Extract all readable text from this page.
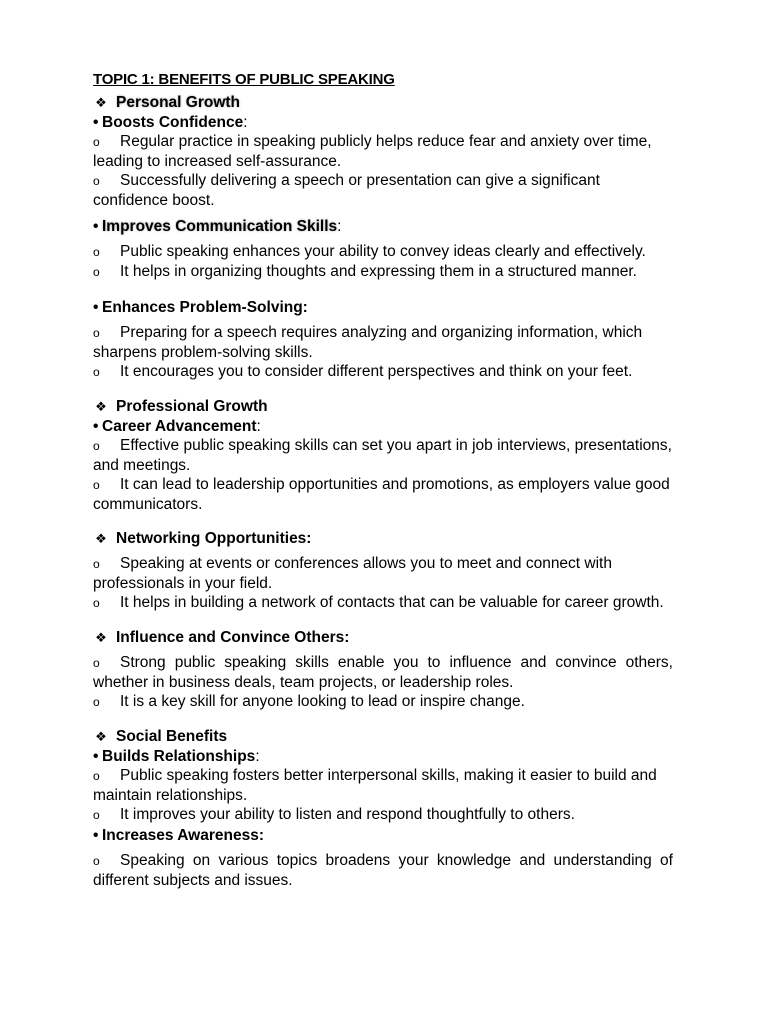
TOPIC 1: BENEFITS OF PUBLIC SPEAKING
❖ Personal Growth
• Boosts Confidence:
o Regular practice in speaking publicly helps reduce fear and anxiety over time, leading to increased self-assurance.
o Successfully delivering a speech or presentation can give a significant confidence boost.
• Improves Communication Skills:
o Public speaking enhances your ability to convey ideas clearly and effectively.
o It helps in organizing thoughts and expressing them in a structured manner.
• Enhances Problem-Solving:
o Preparing for a speech requires analyzing and organizing information, which sharpens problem-solving skills.
o It encourages you to consider different perspectives and think on your feet.
❖ Professional Growth
• Career Advancement:
o Effective public speaking skills can set you apart in job interviews, presentations, and meetings.
o It can lead to leadership opportunities and promotions, as employers value good communicators.
❖ Networking Opportunities:
o Speaking at events or conferences allows you to meet and connect with professionals in your field.
o It helps in building a network of contacts that can be valuable for career growth.
❖ Influence and Convince Others:
o Strong public speaking skills enable you to influence and convince others, whether in business deals, team projects, or leadership roles.
o It is a key skill for anyone looking to lead or inspire change.
❖ Social Benefits
• Builds Relationships:
o Public speaking fosters better interpersonal skills, making it easier to build and maintain relationships.
o It improves your ability to listen and respond thoughtfully to others.
• Increases Awareness:
o Speaking on various topics broadens your knowledge and understanding of different subjects and issues.
